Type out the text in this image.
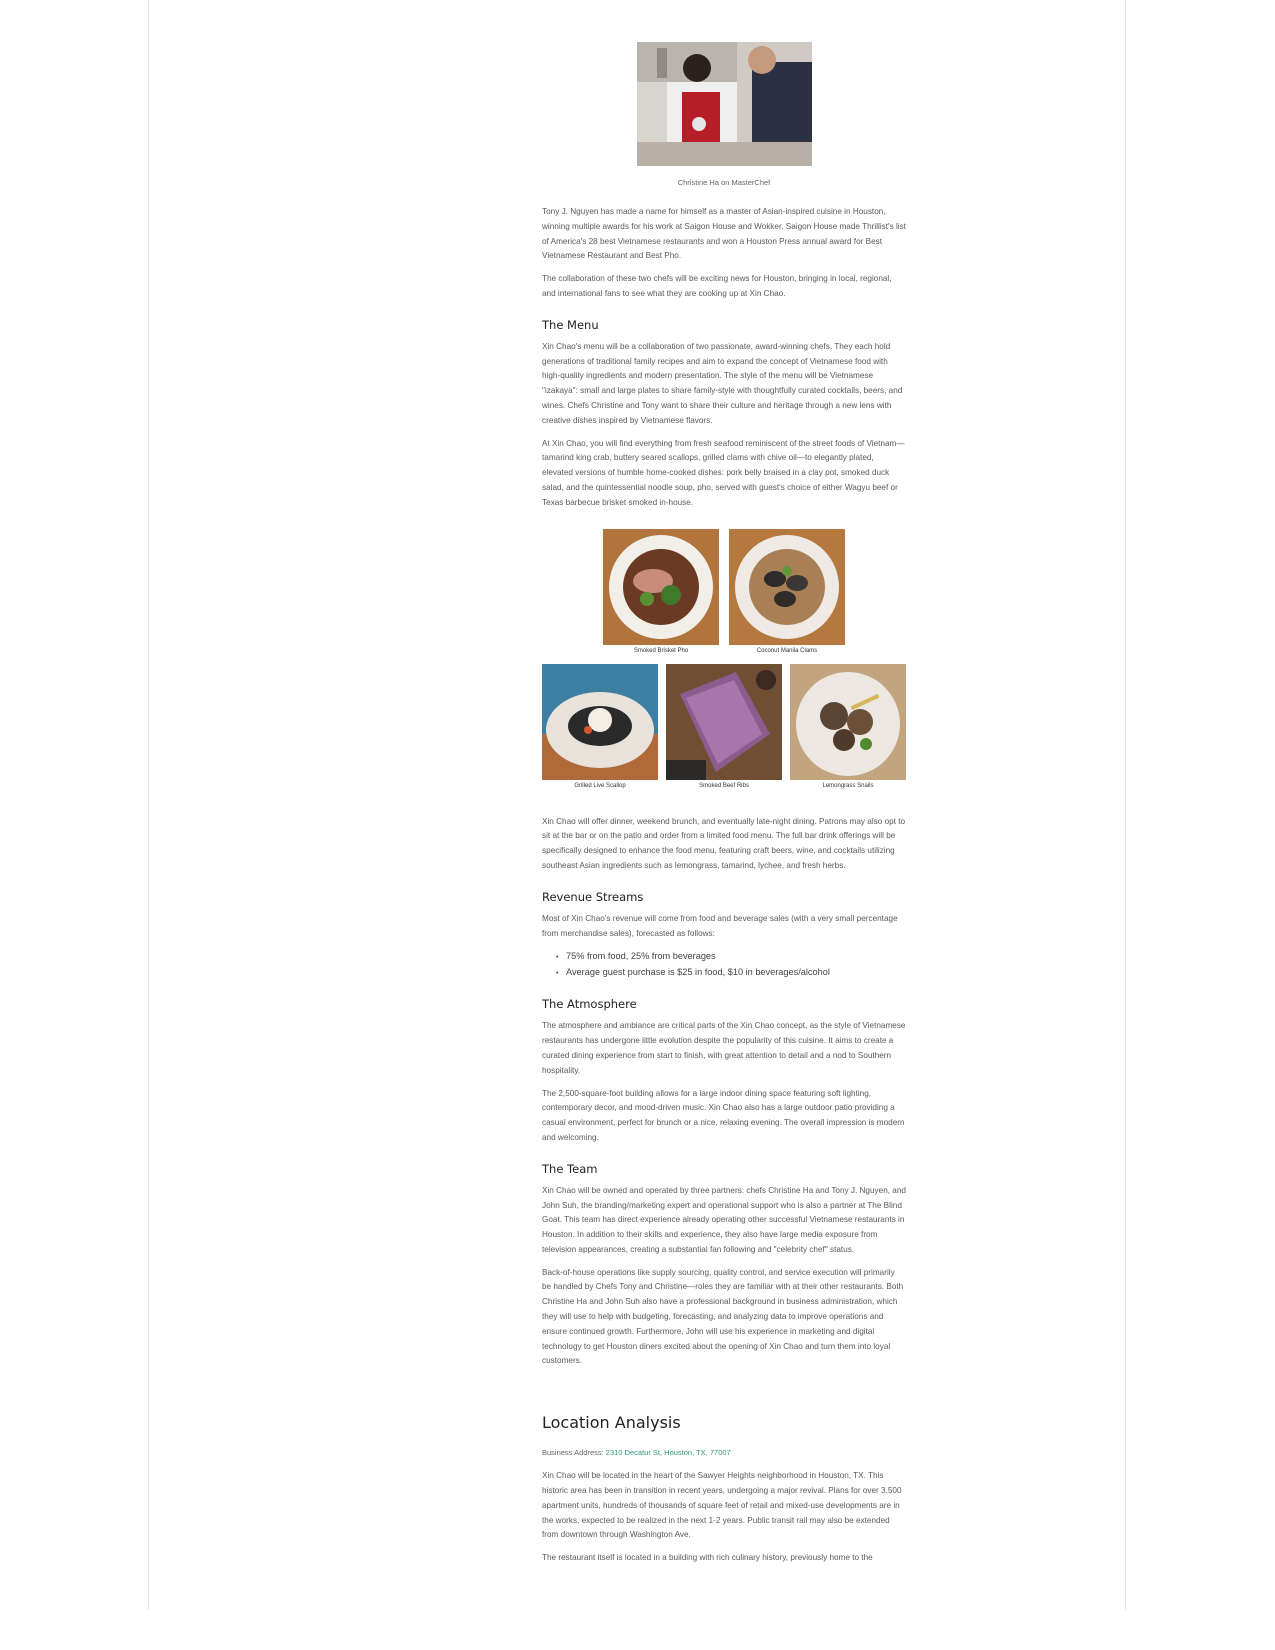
Christine Ha on MasterChef

Tony J. Nguyen has made a name for himself as a master of Asian-inspired cuisine in Houston, winning multiple awards for his work at Saigon House and Wokker. Saigon House made Thrillist's list of America's 28 best Vietnamese restaurants and won a Houston Press annual award for Best Vietnamese Restaurant and Best Pho.

The collaboration of these two chefs will be exciting news for Houston, bringing in local, regional, and international fans to see what they are cooking up at Xin Chao.

The Menu

Xin Chao's menu will be a collaboration of two passionate, award-winning chefs. They each hold generations of traditional family recipes and aim to expand the concept of Vietnamese food with high-quality ingredients and modern presentation. The style of the menu will be Vietnamese "izakaya": small and large plates to share family-style with thoughtfully curated cocktails, beers, and wines. Chefs Christine and Tony want to share their culture and heritage through a new lens with creative dishes inspired by Vietnamese flavors.

At Xin Chao, you will find everything from fresh seafood reminiscent of the street foods of Vietnam—tamarind king crab, buttery seared scallops, grilled clams with chive oil—to elegantly plated, elevated versions of humble home-cooked dishes: pork belly braised in a clay pot, smoked duck salad, and the quintessential noodle soup, pho, served with guest's choice of either Wagyu beef or Texas barbecue brisket smoked in-house.

Smoked Brisket Pho	Coconut Manila Clams
Grilled Live Scallop	Smoked Beef Ribs	Lemongrass Snails

Xin Chao will offer dinner, weekend brunch, and eventually late-night dining. Patrons may also opt to sit at the bar or on the patio and order from a limited food menu. The full bar drink offerings will be specifically designed to enhance the food menu, featuring craft beers, wine, and cocktails utilizing southeast Asian ingredients such as lemongrass, tamarind, lychee, and fresh herbs.

Revenue Streams

Most of Xin Chao's revenue will come from food and beverage sales (with a very small percentage from merchandise sales), forecasted as follows:

• 75% from food, 25% from beverages
• Average guest purchase is $25 in food, $10 in beverages/alcohol
The Atmosphere

The atmosphere and ambiance are critical parts of the Xin Chao concept, as the style of Vietnamese restaurants has undergone little evolution despite the popularity of this cuisine. It aims to create a curated dining experience from start to finish, with great attention to detail and a nod to Southern hospitality.

The 2,500-square-foot building allows for a large indoor dining space featuring soft lighting, contemporary decor, and mood-driven music. Xin Chao also has a large outdoor patio providing a casual environment, perfect for brunch or a nice, relaxing evening. The overall impression is modern and welcoming.

The Team

Xin Chao will be owned and operated by three partners: chefs Christine Ha and Tony J. Nguyen, and John Suh, the branding/marketing expert and operational support who is also a partner at The Blind Goat. This team has direct experience already operating other successful Vietnamese restaurants in Houston. In addition to their skills and experience, they also have large media exposure from television appearances, creating a substantial fan following and "celebrity chef" status.

Back-of-house operations like supply sourcing, quality control, and service execution will primarily be handled by Chefs Tony and Christine—roles they are familiar with at their other restaurants. Both Christine Ha and John Suh also have a professional background in business administration, which they will use to help with budgeting, forecasting, and analyzing data to improve operations and ensure continued growth. Furthermore, John will use his experience in marketing and digital technology to get Houston diners excited about the opening of Xin Chao and turn them into loyal customers.

Location Analysis
Business Address: 2310 Decatur St, Houston, TX, 77007

Xin Chao will be located in the heart of the Sawyer Heights neighborhood in Houston, TX. This historic area has been in transition in recent years, undergoing a major revival. Plans for over 3,500 apartment units, hundreds of thousands of square feet of retail and mixed-use developments are in the works, expected to be realized in the next 1-2 years. Public transit rail may also be extended from downtown through Washington Ave.

The restaurant itself is located in a building with rich culinary history, previously home to the
